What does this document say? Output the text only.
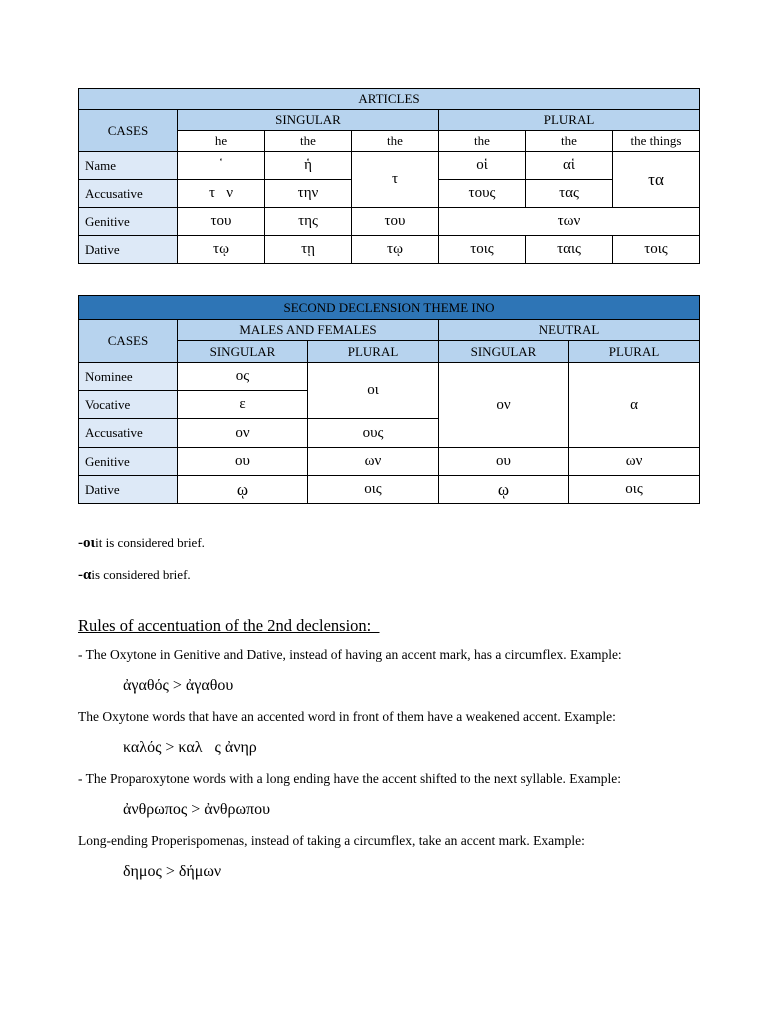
ARTICLES						
CASES	SINGULAR			PLURAL		
	he	the	the	the	the	the things
Name	῾	ἡ	τ	οἱ	αἱ	τα
Accusative	τ   ν	την		τους	τας	
Genitive	του	της	του	των		
Dative	τῳ	τῃ	τῳ	τοις	ταις	τοις
SECOND DECLENSION THEME INO				
CASES	MALES AND FEMALES		NEUTRAL	
	SINGULAR	PLURAL	SINGULAR	PLURAL
Nominee	ος	οι	ον	α
Vocative	ε			
Accusative	ον	ους		
Genitive	ου	ων	ου	ων
Dative	ῳ	οις	ῳ	οις
-οιit is considered brief.
-αis considered brief.
Rules of accentuation of the 2nd declension:
- The Oxytone in Genitive and Dative, instead of having an accent mark, has a circumflex. Example:
ἀγαθός > ἀγαθου
The Oxytone words that have an accented word in front of them have a weakened accent. Example:
καλός > καλ   ς ἀνηρ
- The Proparoxytone words with a long ending have the accent shifted to the next syllable. Example:
ἀνθρωπος > ἀνθρωπου
Long-ending Properispomenas, instead of taking a circumflex, take an accent mark. Example:
δημος > δήμων
